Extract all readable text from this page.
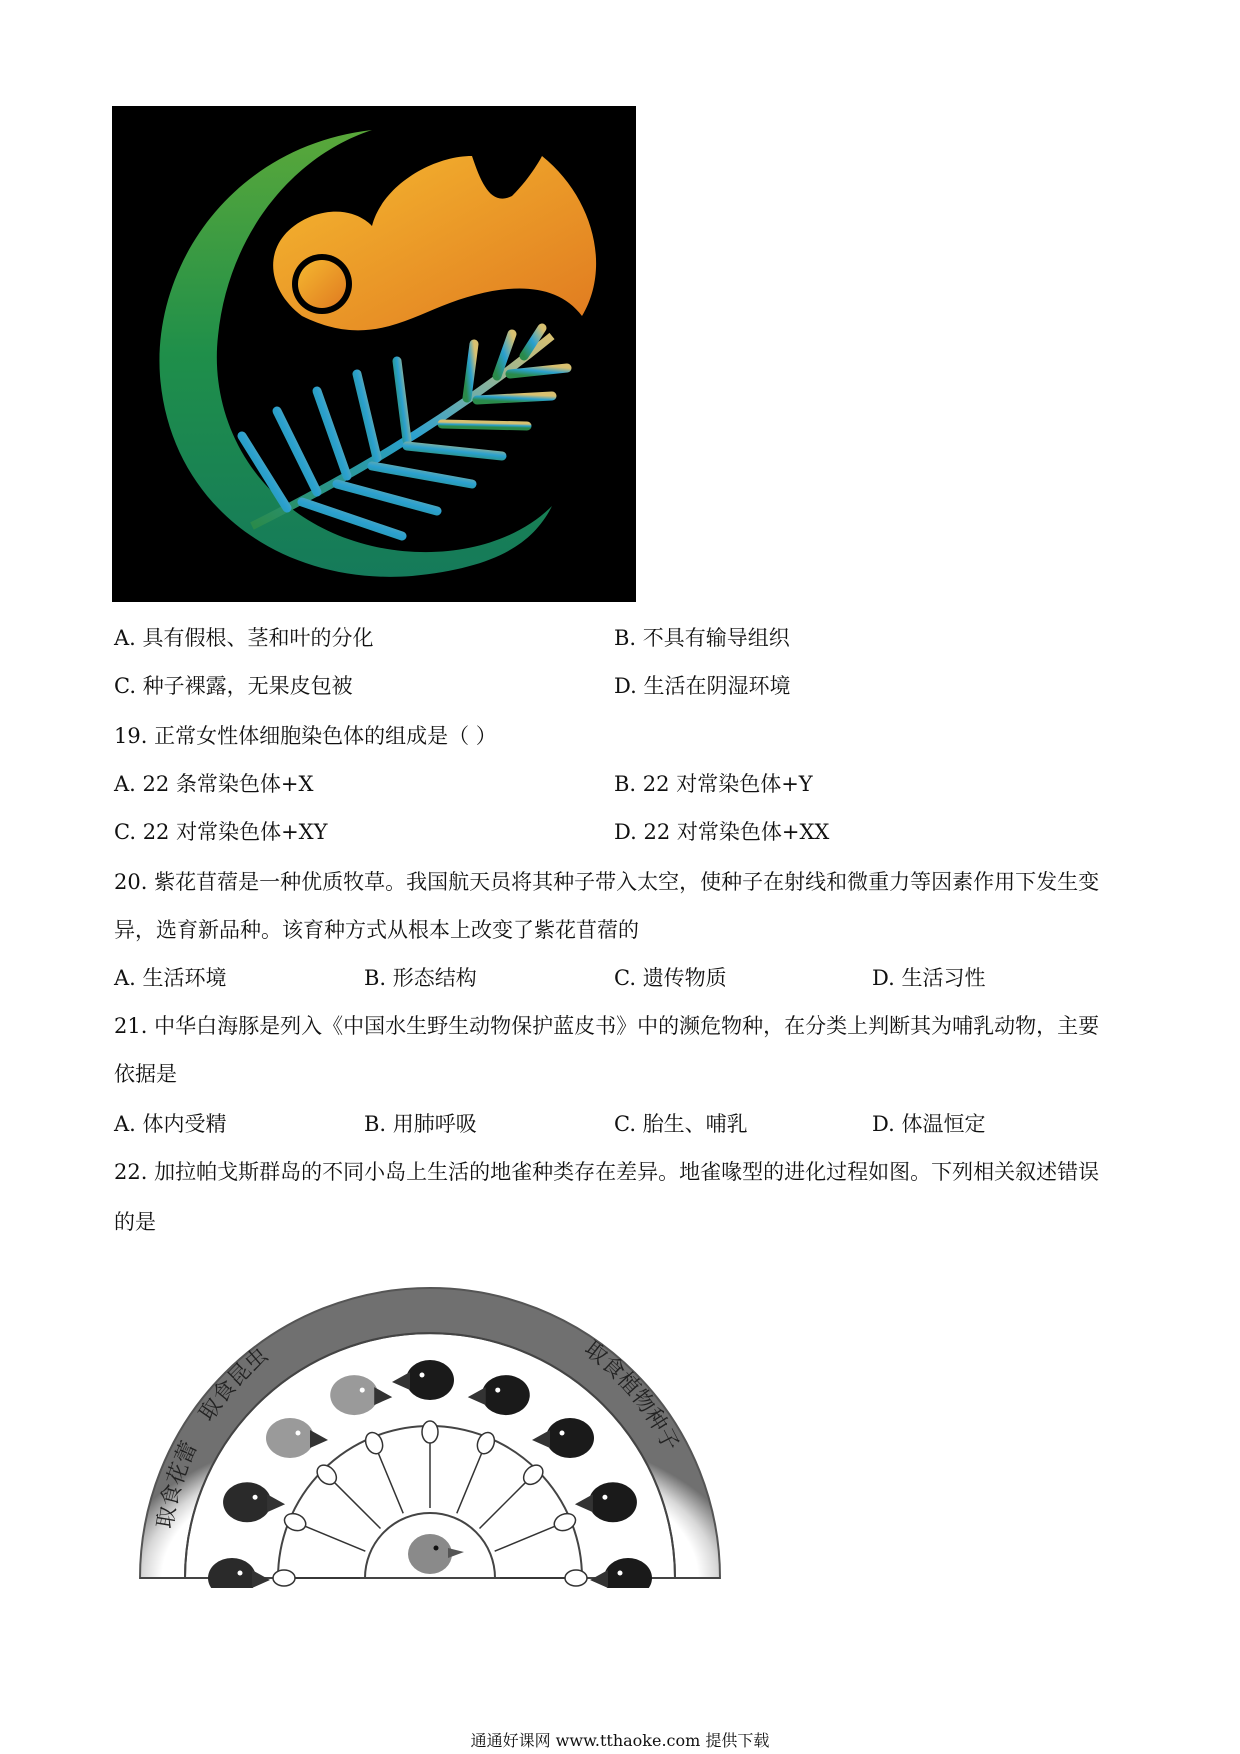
A. 具有假根、茎和叶的分化	B. 不具有输导组织
C. 种子裸露，无果皮包被	D. 生活在阴湿环境
19. 正常女性体细胞染色体的组成是（ ）
A. 22 条常染色体+X	B. 22 对常染色体+Y
C. 22 对常染色体+XY	D. 22 对常染色体+XX
20. 紫花苜蓿是一种优质牧草。我国航天员将其种子带入太空，使种子在射线和微重力等因素作用下发生变
异，选育新品种。该育种方式从根本上改变了紫花苜蓿的
A. 生活环境	B. 形态结构	C. 遗传物质	D. 生活习性
21. 中华白海豚是列入《中国水生野生动物保护蓝皮书》中的濒危物种，在分类上判断其为哺乳动物，主要
依据是
A. 体内受精	B. 用肺呼吸	C. 胎生、哺乳	D. 体温恒定
22. 加拉帕戈斯群岛的不同小岛上生活的地雀种类存在差异。地雀喙型的进化过程如图。下列相关叙述错误
的是
取食花蕾
取食昆虫	取食植物种子
通通好课网 www.tthaoke.com 提供下载
